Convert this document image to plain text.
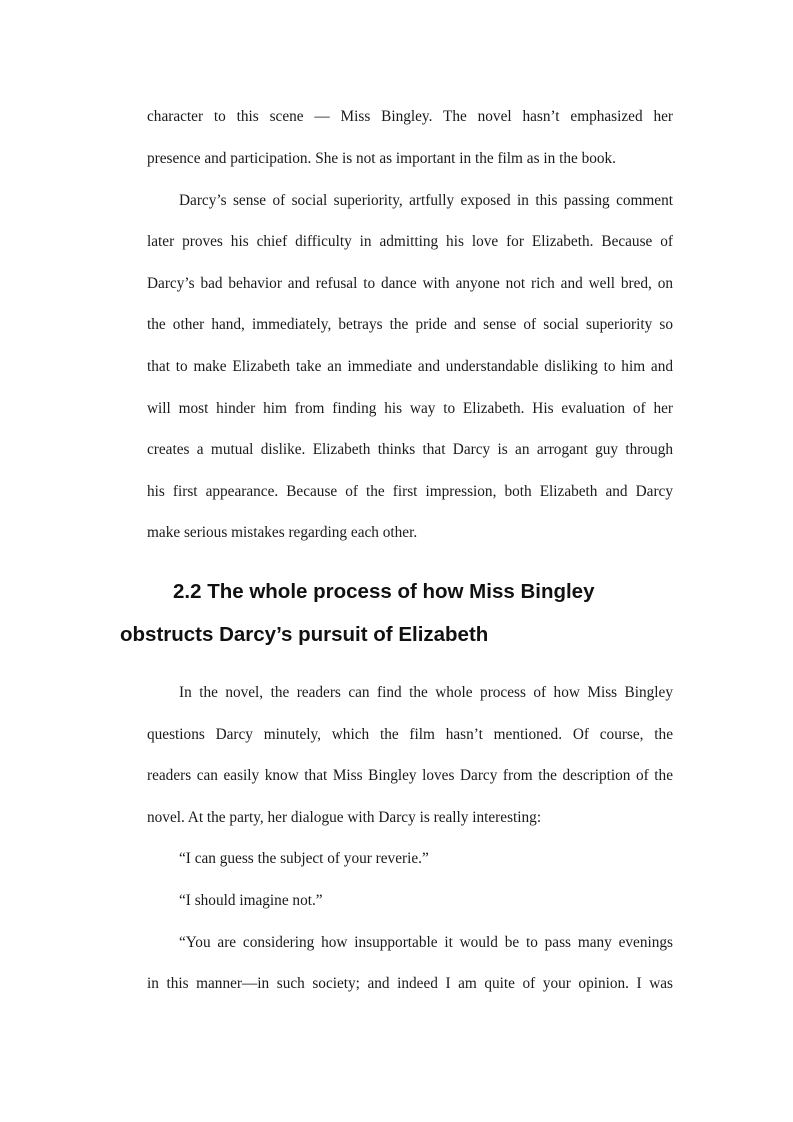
character to this scene — Miss Bingley. The novel hasn’t emphasized her
presence and participation. She is not as important in the film as in the book.
Darcy’s sense of social superiority, artfully exposed in this passing comment
later proves his chief difficulty in admitting his love for Elizabeth. Because of
Darcy’s bad behavior and refusal to dance with anyone not rich and well bred, on
the other hand, immediately, betrays the pride and sense of social superiority so
that to make Elizabeth take an immediate and understandable disliking to him and
will most hinder him from finding his way to Elizabeth. His evaluation of her
creates a mutual dislike. Elizabeth thinks that Darcy is an arrogant guy through
his first appearance. Because of the first impression, both Elizabeth and Darcy
make serious mistakes regarding each other.
2.2 The whole process of how Miss Bingley
obstructs Darcy’s pursuit of Elizabeth
In the novel, the readers can find the whole process of how Miss Bingley
questions Darcy minutely, which the film hasn’t mentioned. Of course, the
readers can easily know that Miss Bingley loves Darcy from the description of the
novel. At the party, her dialogue with Darcy is really interesting:
“I can guess the subject of your reverie.”
“I should imagine not.”
“You are considering how insupportable it would be to pass many evenings
in this manner—in such society; and indeed I am quite of your opinion. I was
